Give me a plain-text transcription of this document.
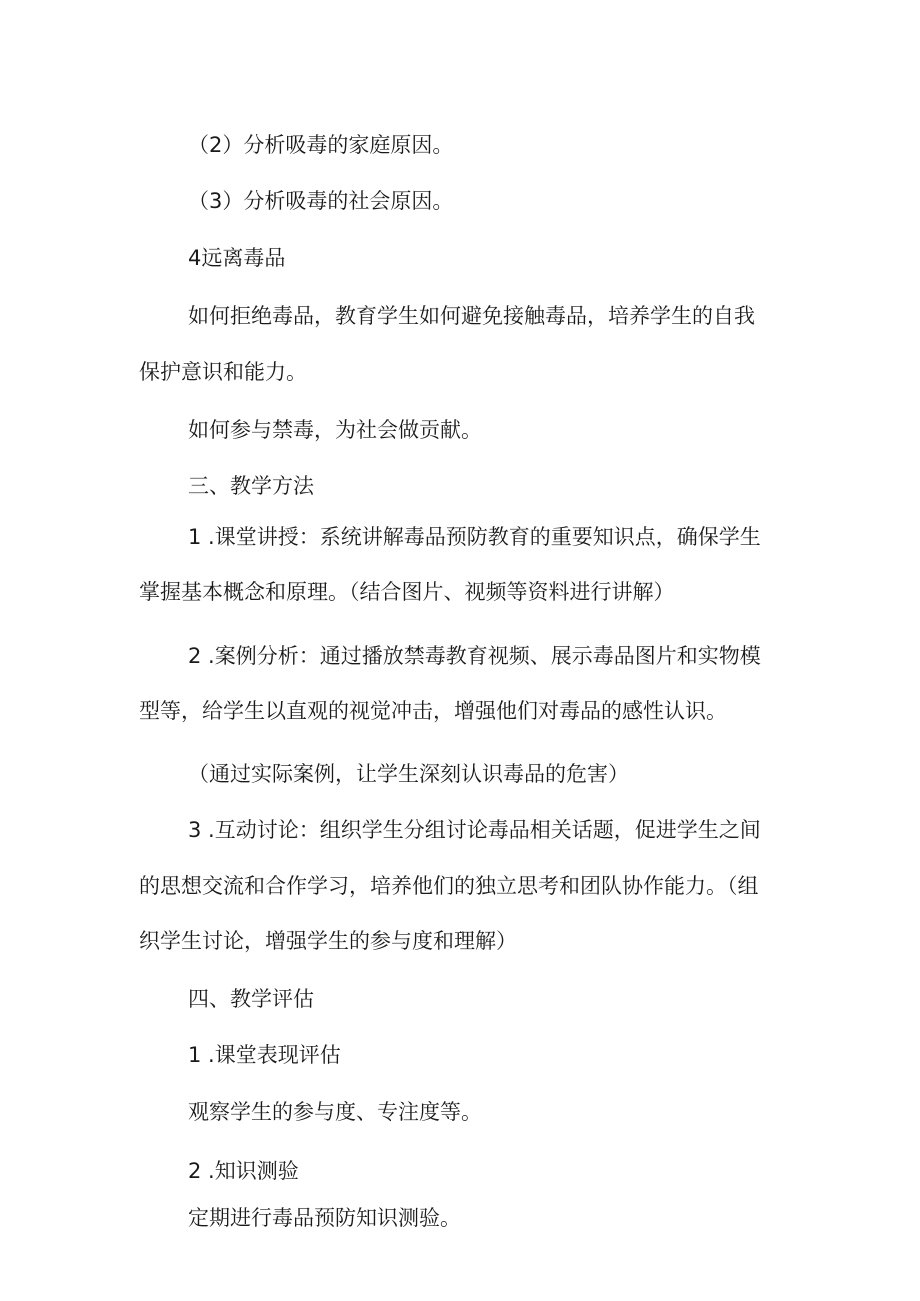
（2）分析吸毒的家庭原因。

（3）分析吸毒的社会原因。

4远离毒品

如何拒绝毒品，教育学生如何避免接触毒品，培养学生的自我

保护意识和能力。

如何参与禁毒，为社会做贡献。

三、教学方法

1 .课堂讲授：系统讲解毒品预防教育的重要知识点，确保学生

掌握基本概念和原理。（结合图片、视频等资料进行讲解）

2 .案例分析：通过播放禁毒教育视频、展示毒品图片和实物模

型等，给学生以直观的视觉冲击，增强他们对毒品的感性认识。

（通过实际案例，让学生深刻认识毒品的危害）

3 .互动讨论：组织学生分组讨论毒品相关话题，促进学生之间

的思想交流和合作学习，培养他们的独立思考和团队协作能力。（组

织学生讨论，增强学生的参与度和理解）

四、教学评估

1 .课堂表现评估

观察学生的参与度、专注度等。

2 .知识测验

定期进行毒品预防知识测验。
